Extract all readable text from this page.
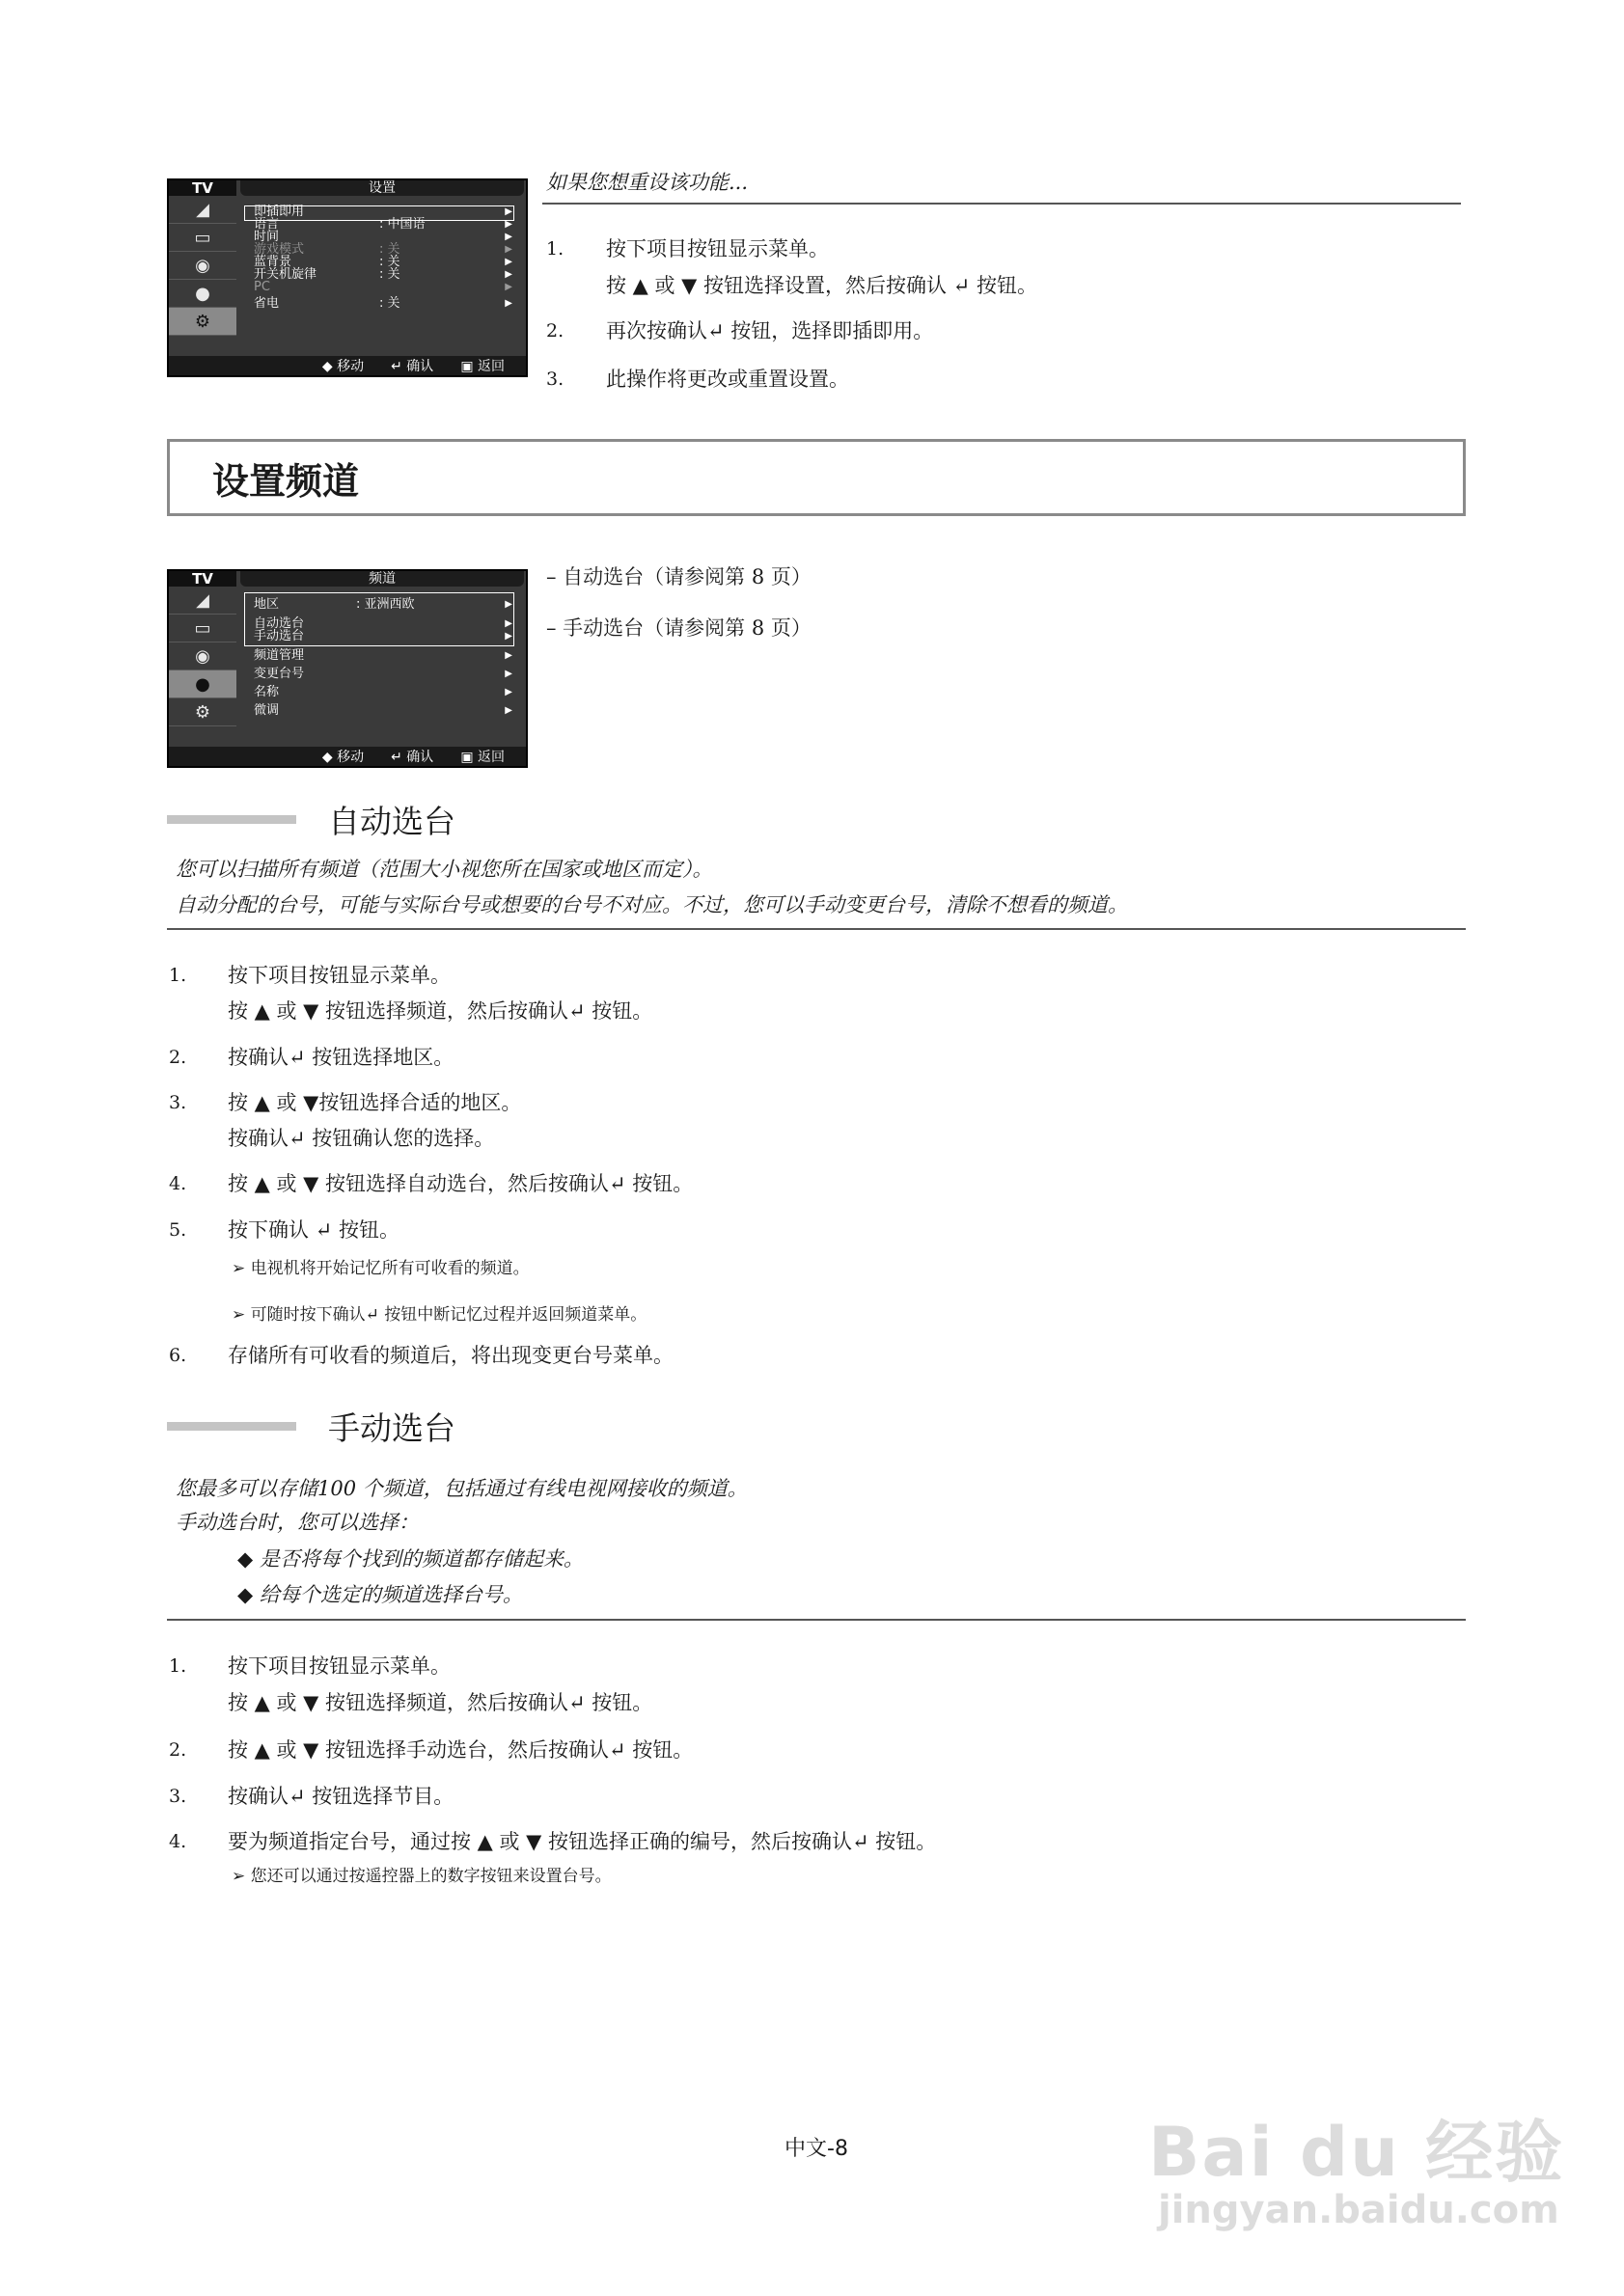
TV	设置
◢
▭
◉
●
⚙
即插即用	▶
语言	: 中国语	▶
时间	▶
游戏模式	: 关	▶
蓝背景	: 关	▶
开关机旋律	: 关	▶
PC	▶
省电	: 关	▶
◆ 移动 ↵ 确认 ▣ 返回
如果您想重设该功能...
1. 按下项目按钮显示菜单。
按 ▲ 或 ▼ 按钮选择设置，然后按确认 ↵ 按钮。
2. 再次按确认↵ 按钮，选择即插即用。
3. 此操作将更改或重置设置。
设置频道
TV	频道
◢
▭
◉
●
⚙
地区	: 亚洲西欧	▶
自动选台	▶
手动选台	▶
频道管理	▶
变更台号	▶
名称	▶
微调	▶
◆ 移动 ↵ 确认 ▣ 返回
– 自动选台（请参阅第 8 页）
– 手动选台（请参阅第 8 页）
自动选台
您可以扫描所有频道（范围大小视您所在国家或地区而定）。
自动分配的台号，可能与实际台号或想要的台号不对应。不过，您可以手动变更台号，清除不想看的频道。
1. 按下项目按钮显示菜单。
按 ▲ 或 ▼ 按钮选择频道，然后按确认↵ 按钮。
2. 按确认↵ 按钮选择地区。
3. 按 ▲ 或 ▼按钮选择合适的地区。
按确认↵ 按钮确认您的选择。
4. 按 ▲ 或 ▼ 按钮选择自动选台，然后按确认↵ 按钮。
5. 按下确认 ↵ 按钮。
➢ 电视机将开始记忆所有可收看的频道。
➢ 可随时按下确认↵ 按钮中断记忆过程并返回频道菜单。
6. 存储所有可收看的频道后，将出现变更台号菜单。
手动选台
您最多可以存储100 个频道，包括通过有线电视网接收的频道。
手动选台时，您可以选择：
◆ 是否将每个找到的频道都存储起来。
◆ 给每个选定的频道选择台号。
1. 按下项目按钮显示菜单。
按 ▲ 或 ▼ 按钮选择频道，然后按确认↵ 按钮。
2. 按 ▲ 或 ▼ 按钮选择手动选台，然后按确认↵ 按钮。
3. 按确认↵ 按钮选择节目。
4. 要为频道指定台号，通过按 ▲ 或 ▼ 按钮选择正确的编号，然后按确认↵ 按钮。
➢ 您还可以通过按遥控器上的数字按钮来设置台号。
中文-8	Bai du 经验
jingyan.baidu.com
